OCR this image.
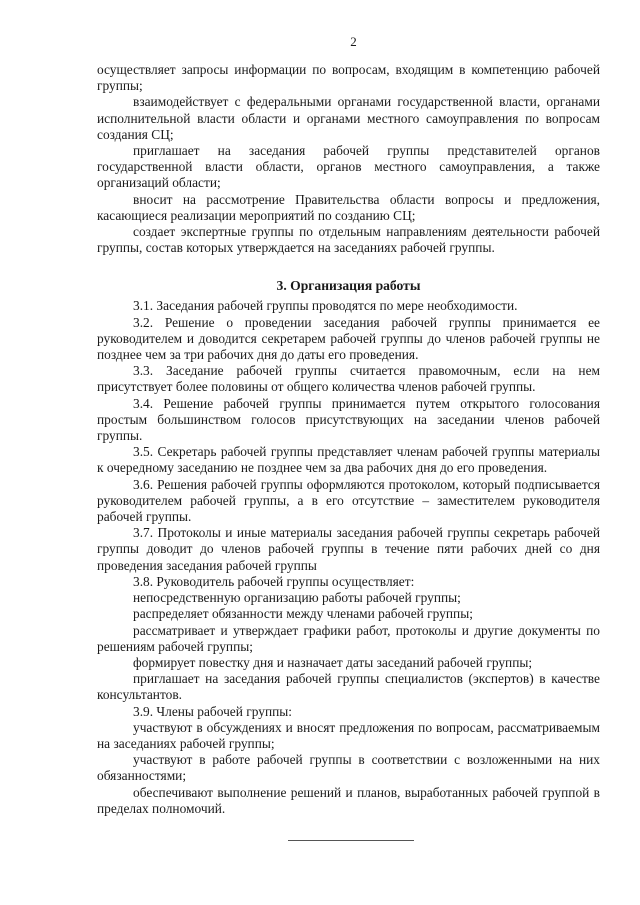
2

осуществляет запросы информации по вопросам, входящим в компетенцию рабочей группы;

взаимодействует с федеральными органами государственной власти, органами исполнительной власти области и органами местного самоуправления по вопросам создания СЦ;

приглашает на заседания рабочей группы представителей органов государственной власти области, органов местного самоуправления, а также организаций области;

вносит на рассмотрение Правительства области вопросы и предложения, касающиеся реализации мероприятий по созданию СЦ;

создает экспертные группы по отдельным направлениям деятельности рабочей группы, состав которых утверждается на заседаниях рабочей группы.

3. Организация работы

3.1. Заседания рабочей группы проводятся по мере необходимости.

3.2. Решение о проведении заседания рабочей группы принимается ее руководителем и доводится секретарем рабочей группы до членов рабочей группы не позднее чем за три рабочих дня до даты его проведения.

3.3. Заседание рабочей группы считается правомочным, если на нем присутствует более половины от общего количества членов рабочей группы.

3.4. Решение рабочей группы принимается путем открытого голосования простым большинством голосов присутствующих на заседании членов рабочей группы.

3.5. Секретарь рабочей группы представляет членам рабочей группы материалы к очередному заседанию не позднее чем за два рабочих дня до его проведения.

3.6. Решения рабочей группы оформляются протоколом, который подписывается руководителем рабочей группы, а в его отсутствие – заместителем руководителя рабочей группы.

3.7. Протоколы и иные материалы заседания рабочей группы секретарь рабочей группы доводит до членов рабочей группы в течение пяти рабочих дней со дня проведения заседания рабочей группы

3.8. Руководитель рабочей группы осуществляет:

непосредственную организацию работы рабочей группы;

распределяет обязанности между членами рабочей группы;

рассматривает и утверждает графики работ, протоколы и другие документы по решениям рабочей группы;

формирует повестку дня и назначает даты заседаний рабочей группы;

приглашает на заседания рабочей группы специалистов (экспертов) в качестве консультантов.

3.9. Члены рабочей группы:

участвуют в обсуждениях и вносят предложения по вопросам, рассматриваемым на заседаниях рабочей группы;

участвуют в работе рабочей группы в соответствии с возложенными на них обязанностями;

обеспечивают выполнение решений и планов, выработанных рабочей группой в пределах полномочий.
